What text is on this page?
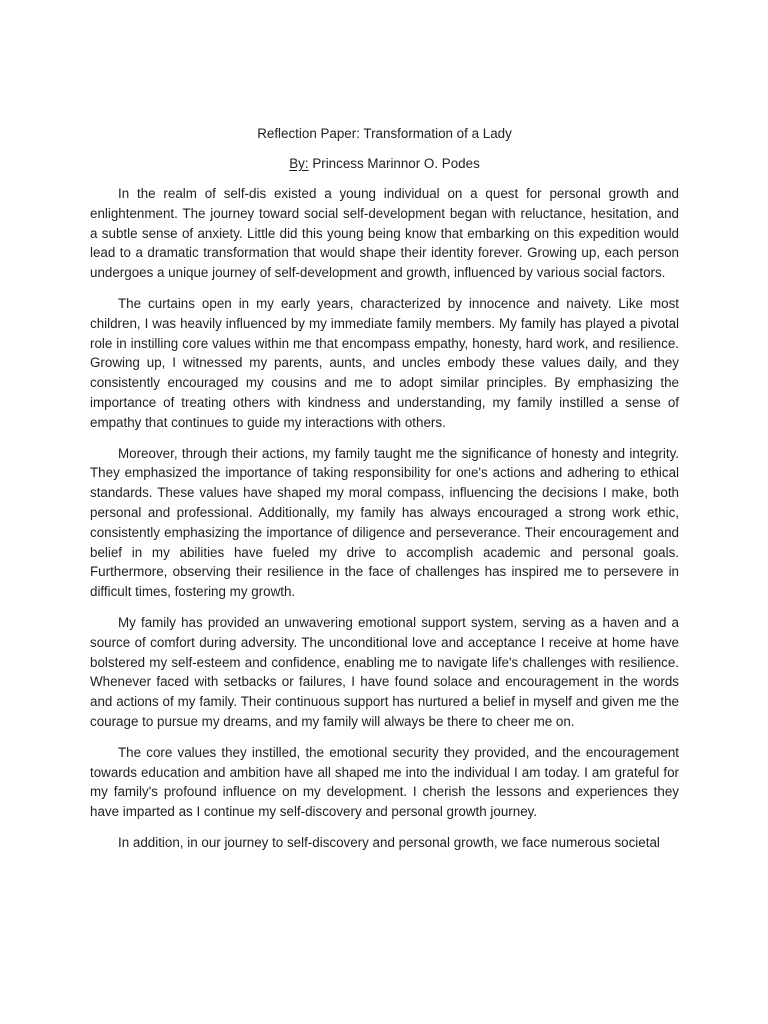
Reflection Paper: Transformation of a Lady
By: Princess Marinnor O. Podes

In the realm of self-dis existed a young individual on a quest for personal growth and enlightenment. The journey toward social self-development began with reluctance, hesitation, and a subtle sense of anxiety. Little did this young being know that embarking on this expedition would lead to a dramatic transformation that would shape their identity forever. Growing up, each person undergoes a unique journey of self-development and growth, influenced by various social factors.

The curtains open in my early years, characterized by innocence and naivety. Like most children, I was heavily influenced by my immediate family members. My family has played a pivotal role in instilling core values within me that encompass empathy, honesty, hard work, and resilience. Growing up, I witnessed my parents, aunts, and uncles embody these values daily, and they consistently encouraged my cousins and me to adopt similar principles. By emphasizing the importance of treating others with kindness and understanding, my family instilled a sense of empathy that continues to guide my interactions with others.

Moreover, through their actions, my family taught me the significance of honesty and integrity. They emphasized the importance of taking responsibility for one's actions and adhering to ethical standards. These values have shaped my moral compass, influencing the decisions I make, both personal and professional. Additionally, my family has always encouraged a strong work ethic, consistently emphasizing the importance of diligence and perseverance. Their encouragement and belief in my abilities have fueled my drive to accomplish academic and personal goals. Furthermore, observing their resilience in the face of challenges has inspired me to persevere in difficult times, fostering my growth.

My family has provided an unwavering emotional support system, serving as a haven and a source of comfort during adversity. The unconditional love and acceptance I receive at home have bolstered my self-esteem and confidence, enabling me to navigate life's challenges with resilience. Whenever faced with setbacks or failures, I have found solace and encouragement in the words and actions of my family. Their continuous support has nurtured a belief in myself and given me the courage to pursue my dreams, and my family will always be there to cheer me on.

The core values they instilled, the emotional security they provided, and the encouragement towards education and ambition have all shaped me into the individual I am today. I am grateful for my family's profound influence on my development. I cherish the lessons and experiences they have imparted as I continue my self-discovery and personal growth journey.

In addition, in our journey to self-discovery and personal growth, we face numerous societal
